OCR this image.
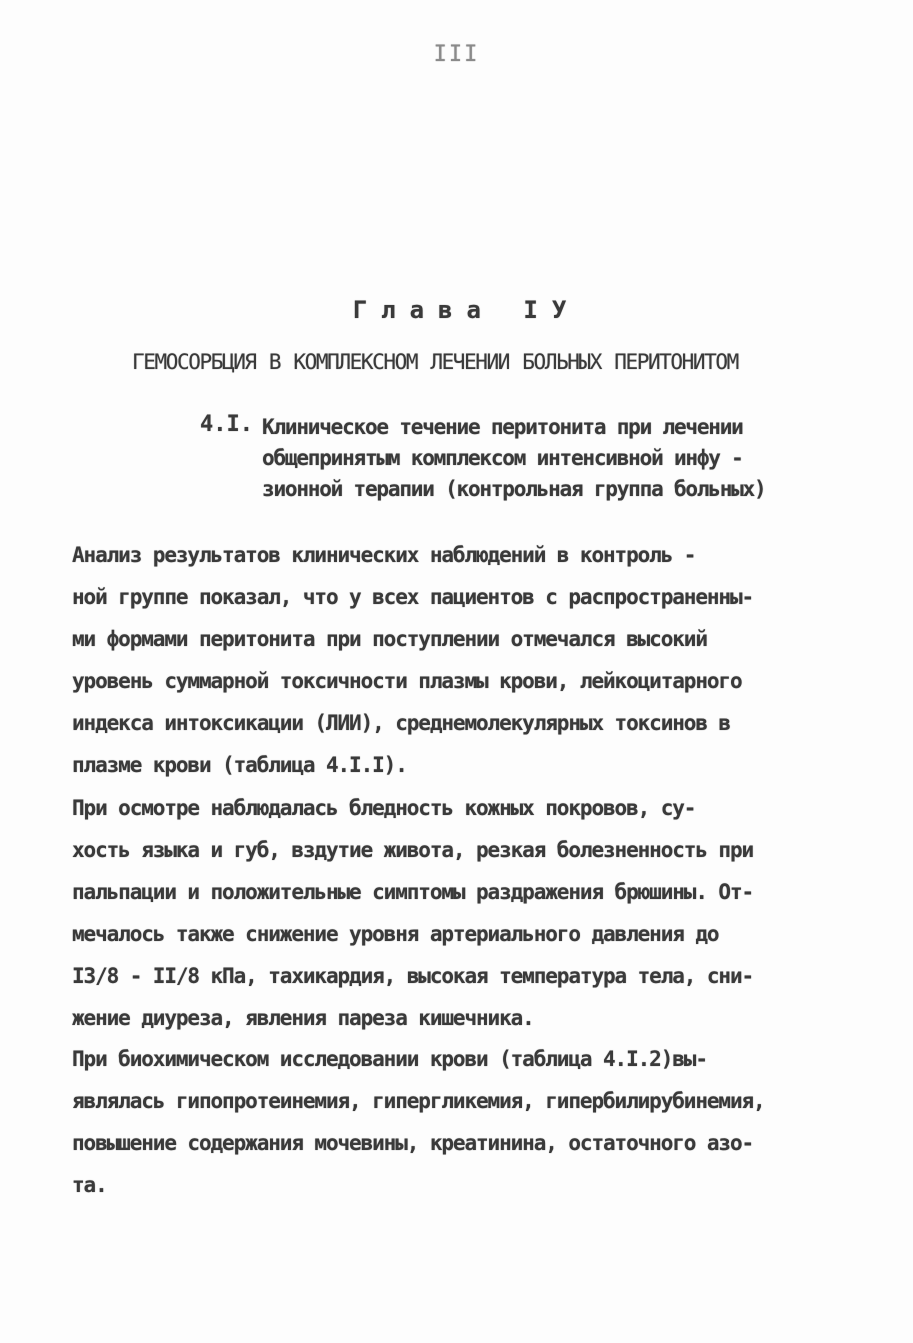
III
Глава IУ
ГЕМОСОРБЦИЯ В КОМПЛЕКСНОМ ЛЕЧЕНИИ БОЛЬНЫХ ПЕРИТОНИТОМ
4.I. Клиническое течение перитонита при лечении
общепринятым комплексом интенсивной инфу -
зионной терапии (контрольная группа больных)
Анализ результатов клинических наблюдений в контроль -
ной группе показал, что у всех пациентов с распространенны-
ми формами перитонита при поступлении отмечался высокий
уровень суммарной токсичности плазмы крови, лейкоцитарного
индекса интоксикации (ЛИИ), среднемолекулярных токсинов в
плазме крови (таблица 4.I.I).
При осмотре наблюдалась бледность кожных покровов, су-
хость языка и губ, вздутие живота, резкая болезненность при
пальпации и положительные симптомы раздражения брюшины. От-
мечалось также снижение уровня артериального давления до
I3/8 - II/8 кПа, тахикардия, высокая температура тела, сни-
жение диуреза, явления пареза кишечника.
При биохимическом исследовании крови (таблица 4.I.2)вы-
являлась гипопротеинемия, гипергликемия, гипербилирубинемия,
повышение содержания мочевины, креатинина, остаточного азо-
та.
